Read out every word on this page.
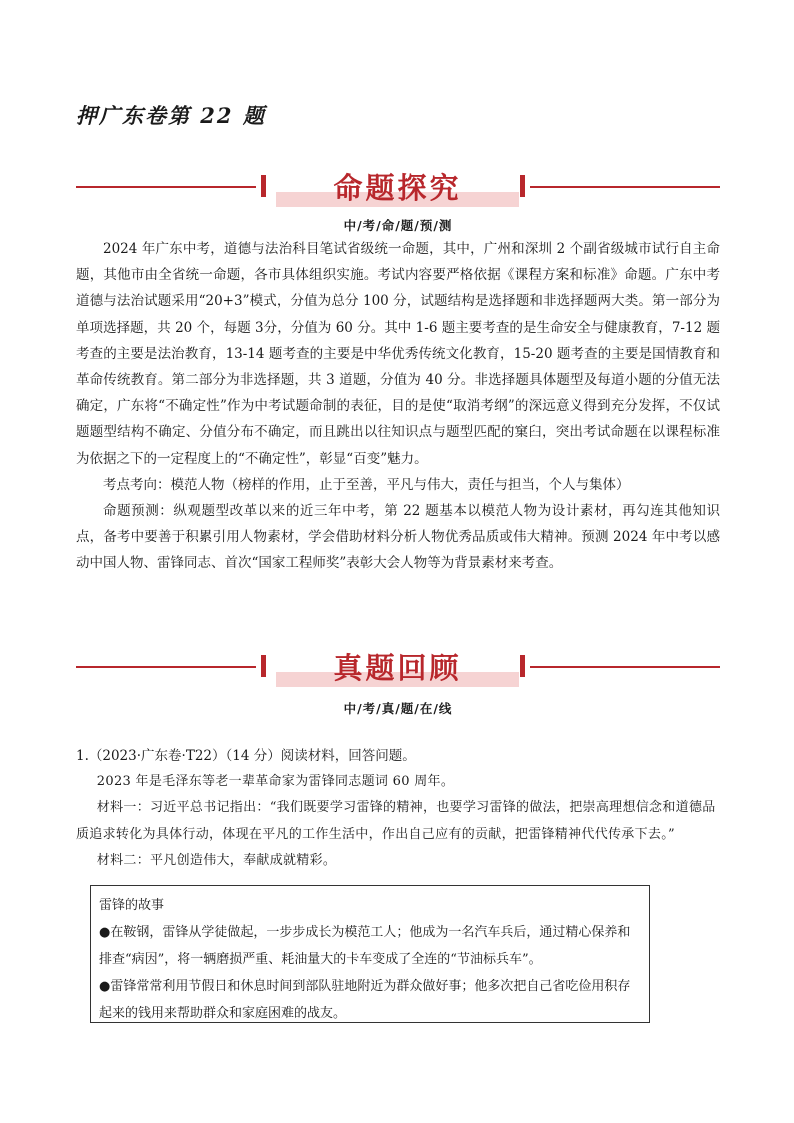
押广东卷第 22 题
命题探究
中/考/命/题/预/测

2024 年广东中考，道德与法治科目笔试省级统一命题，其中，广州和深圳 2 个副省级城市试行自主命题，其他市由全省统一命题，各市具体组织实施。考试内容要严格依据《课程方案和标准》命题。广东中考道德与法治试题采用“20+3”模式，分值为总分 100 分，试题结构是选择题和非选择题两大类。第一部分为单项选择题，共 20 个，每题 3分，分值为 60 分。其中 1-6 题主要考查的是生命安全与健康教育，7-12 题考查的主要是法治教育，13-14 题考查的主要是中华优秀传统文化教育，15-20 题考查的主要是国情教育和革命传统教育。第二部分为非选择题，共 3 道题，分值为 40 分。非选择题具体题型及每道小题的分值无法确定，广东将“不确定性”作为中考试题命制的表征，目的是使“取消考纲”的深远意义得到充分发挥，不仅试题题型结构不确定、分值分布不确定，而且跳出以往知识点与题型匹配的窠臼，突出考试命题在以课程标准为依据之下的一定程度上的“不确定性”，彰显“百变”魅力。

考点考向：模范人物（榜样的作用，止于至善，平凡与伟大，责任与担当，个人与集体）

命题预测：纵观题型改革以来的近三年中考，第 22 题基本以模范人物为设计素材，再勾连其他知识点，备考中要善于积累引用人物素材，学会借助材料分析人物优秀品质或伟大精神。预测 2024 年中考以感动中国人物、雷锋同志、首次“国家工程师奖”表彰大会人物等为背景素材来考查。

真题回顾
中/考/真/题/在/线

1.（2023·广东卷·T22）（14 分）阅读材料，回答问题。

2023 年是毛泽东等老一辈革命家为雷锋同志题词 60 周年。

材料一：习近平总书记指出：“我们既要学习雷锋的精神，也要学习雷锋的做法，把崇高理想信念和道德品质追求转化为具体行动，体现在平凡的工作生活中，作出自己应有的贡献，把雷锋精神代代传承下去。”

材料二：平凡创造伟大，奉献成就精彩。

雷锋的故事

●在鞍钢，雷锋从学徒做起，一步步成长为模范工人；他成为一名汽车兵后，通过精心保养和排查“病因”，将一辆磨损严重、耗油量大的卡车变成了全连的“节油标兵车”。

●雷锋常常利用节假日和休息时间到部队驻地附近为群众做好事；他多次把自己省吃俭用积存起来的钱用来帮助群众和家庭困难的战友。
